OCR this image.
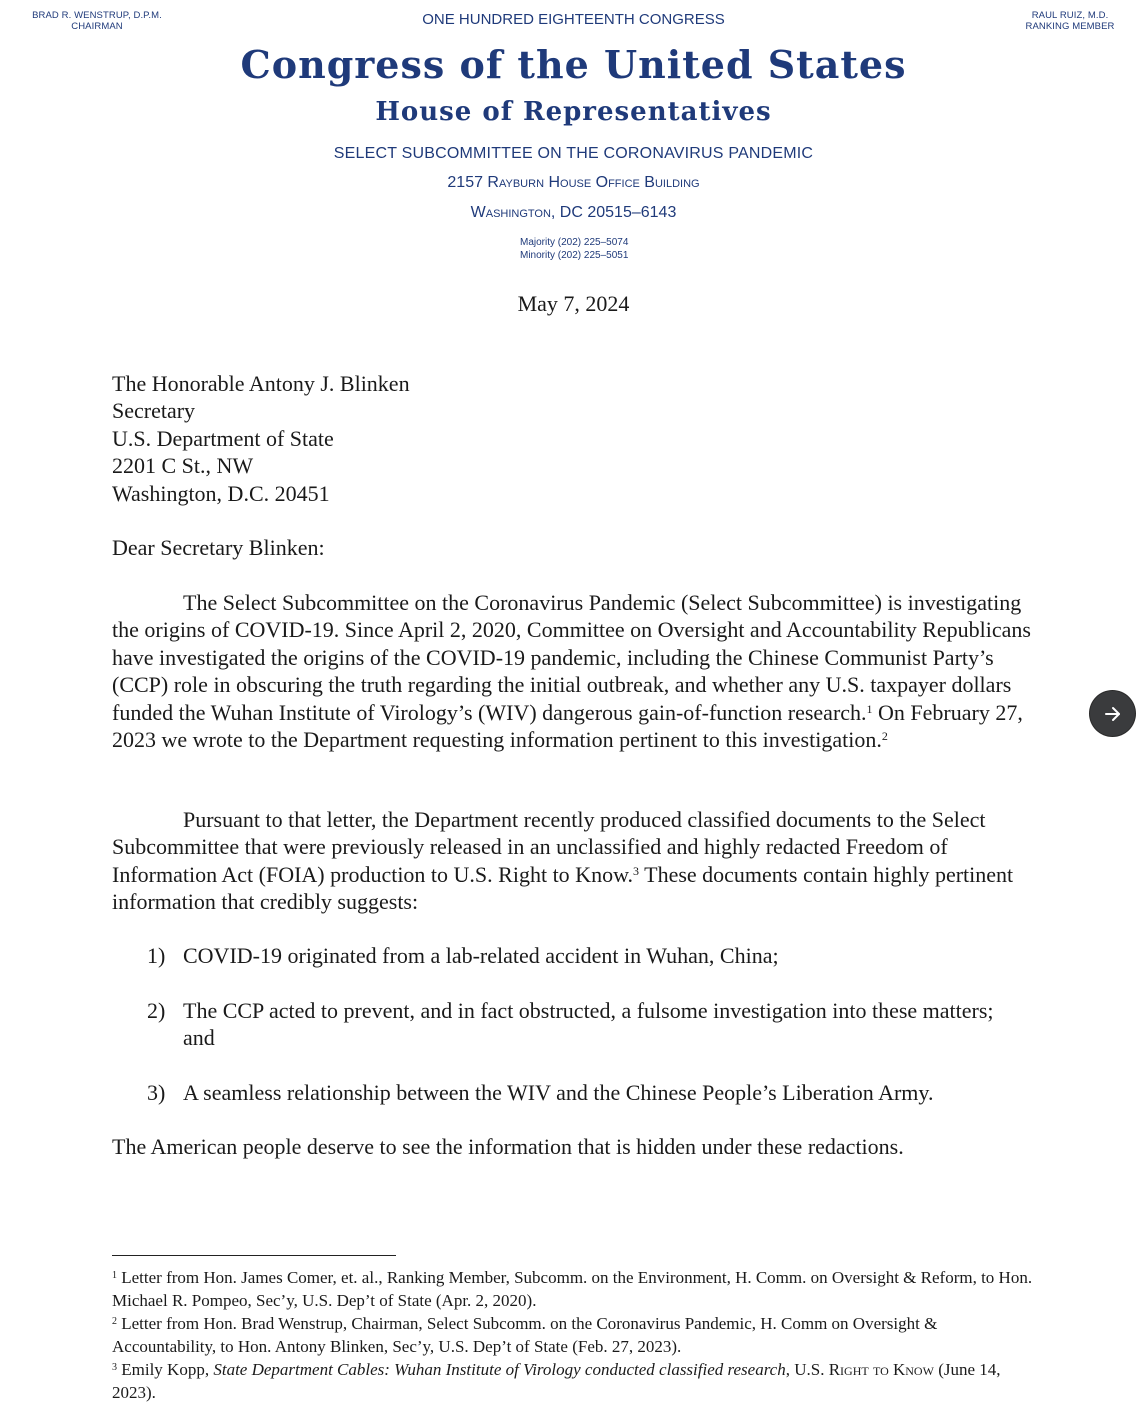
BRAD R. WENSTRUP, D.P.M.
CHAIRMAN
RAUL RUIZ, M.D.
RANKING MEMBER
ONE HUNDRED EIGHTEENTH CONGRESS
Congress of the United States
House of Representatives
SELECT SUBCOMMITTEE ON THE CORONAVIRUS PANDEMIC
2157 Rayburn House Office Building
Washington, DC 20515–6143
Majority (202) 225–5074
Minority (202) 225–5051
May 7, 2024
The Honorable Antony J. Blinken
Secretary
U.S. Department of State
2201 C St., NW
Washington, D.C. 20451
Dear Secretary Blinken:
The Select Subcommittee on the Coronavirus Pandemic (Select Subcommittee) is investigating the origins of COVID-19. Since April 2, 2020, Committee on Oversight and Accountability Republicans have investigated the origins of the COVID-19 pandemic, including the Chinese Communist Party’s (CCP) role in obscuring the truth regarding the initial outbreak, and whether any U.S. taxpayer dollars funded the Wuhan Institute of Virology’s (WIV) dangerous gain-of-function research.$^1$ On February 27, 2023 we wrote to the Department requesting information pertinent to this investigation.$^2$
Pursuant to that letter, the Department recently produced classified documents to the Select Subcommittee that were previously released in an unclassified and highly redacted Freedom of Information Act (FOIA) production to U.S. Right to Know.$^3$ These documents contain highly pertinent information that credibly suggests:
1) COVID-19 originated from a lab-related accident in Wuhan, China;
2) The CCP acted to prevent, and in fact obstructed, a fulsome investigation into these matters; and
3) A seamless relationship between the WIV and the Chinese People’s Liberation Army.
The American people deserve to see the information that is hidden under these redactions.
$^1$ Letter from Hon. James Comer, et. al., Ranking Member, Subcomm. on the Environment, H. Comm. on Oversight & Reform, to Hon. Michael R. Pompeo, Sec’y, U.S. Dep’t of State (Apr. 2, 2020).
$^2$ Letter from Hon. Brad Wenstrup, Chairman, Select Subcomm. on the Coronavirus Pandemic, H. Comm on Oversight & Accountability, to Hon. Antony Blinken, Sec’y, U.S. Dep’t of State (Feb. 27, 2023).
$^3$ Emily Kopp, State Department Cables: Wuhan Institute of Virology conducted classified research, U.S. Right to Know (June 14, 2023).
